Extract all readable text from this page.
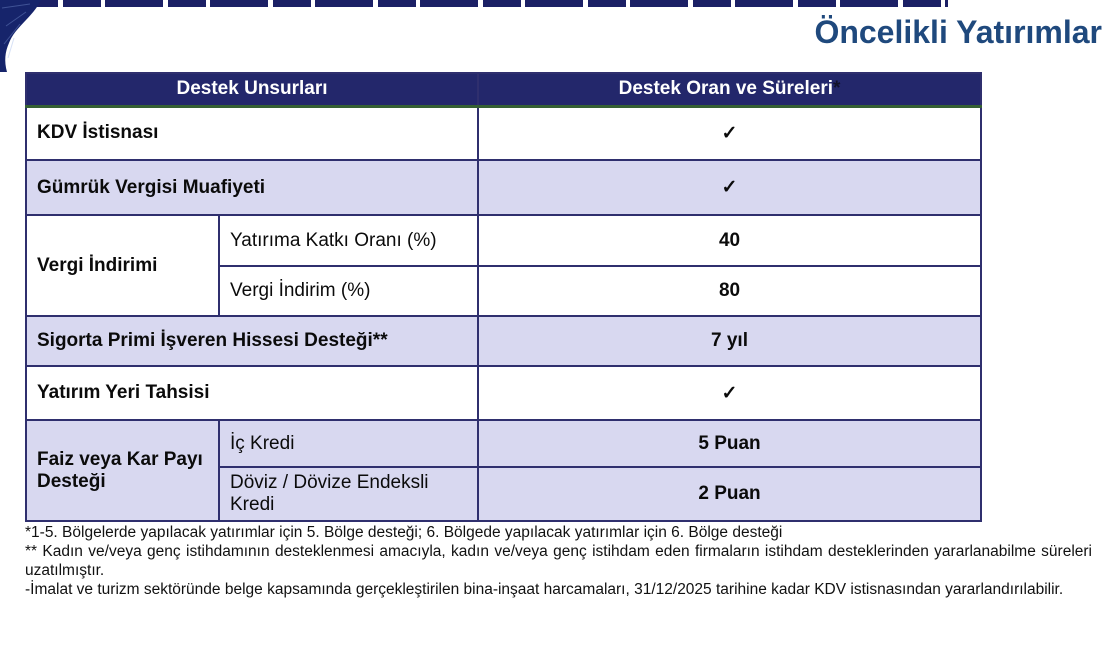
Öncelikli Yatırımlar
Destek Unsurları		Destek Oran ve Süreleri*
KDV İstisnası		✓
Gümrük Vergisi Muafiyeti		✓
Vergi İndirimi	Yatırıma Katkı Oranı (%)	40
	Vergi İndirim (%)	80
Sigorta Primi İşveren Hissesi Desteği**		7 yıl
Yatırım Yeri Tahsisi		✓
Faiz veya Kar Payı Desteği	İç Kredi	5 Puan
	Döviz / Dövize Endeksli Kredi	2 Puan

*1-5. Bölgelerde yapılacak yatırımlar için 5. Bölge desteği; 6. Bölgede yapılacak yatırımlar için 6. Bölge desteği

** Kadın ve/veya genç istihdamının desteklenmesi amacıyla, kadın ve/veya genç istihdam eden firmaların istihdam desteklerinden yararlanabilme süreleri uzatılmıştır.

-İmalat ve turizm sektöründe belge kapsamında gerçekleştirilen bina-inşaat harcamaları, 31/12/2025 tarihine kadar KDV istisnasından yararlandırılabilir.
